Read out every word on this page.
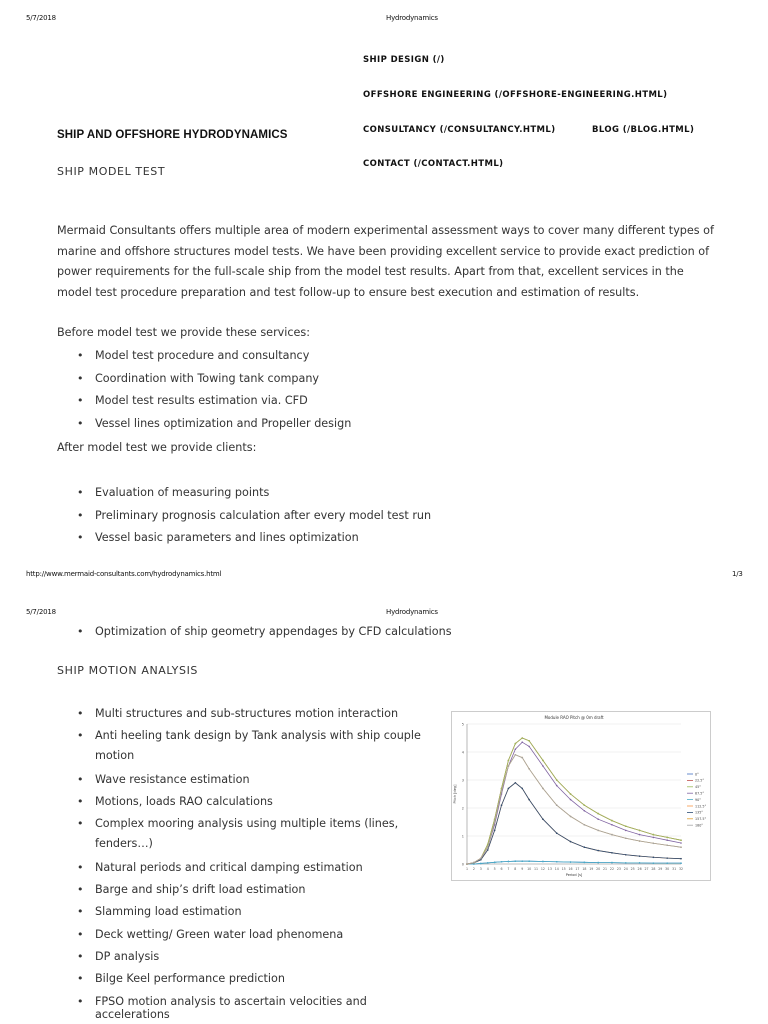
5/7/2018	Hydrodynamics
SHIP DESIGN (/)
OFFSHORE ENGINEERING (/OFFSHORE-ENGINEERING.HTML)
CONSULTANCY (/CONSULTANCY.HTML)	BLOG (/BLOG.HTML)
CONTACT (/CONTACT.HTML)
SHIP AND OFFSHORE HYDRODYNAMICS
SHIP MODEL TEST
Mermaid Consultants offers multiple area of modern experimental assessment ways to cover many different types of marine and offshore structures model tests. We have been providing excellent service to provide exact prediction of power requirements for the full-scale ship from the model test results. Apart from that, excellent services in the model test procedure preparation and test follow-up to ensure best execution and estimation of results.
Before model test we provide these services:
• Model test procedure and consultancy
• Coordination with Towing tank company
• Model test results estimation via. CFD
• Vessel lines optimization and Propeller design
After model test we provide clients:
• Evaluation of measuring points
• Preliminary prognosis calculation after every model test run
• Vessel basic parameters and lines optimization
http://www.mermaid-consultants.com/hydrodynamics.html	1/3
5/7/2018	Hydrodynamics
• Optimization of ship geometry appendages by CFD calculations
SHIP MOTION ANALYSIS
• Multi structures and sub-structures motion interaction
• Anti heeling tank design by Tank analysis with ship couple
motion
• Wave resistance estimation
• Motions, loads RAO calculations
• Complex mooring analysis using multiple items (lines,
fenders…)
• Natural periods and critical damping estimation
• Barge and ship’s drift load estimation
• Slamming load estimation
• Deck wetting/ Green water load phenomena
• DP analysis
• Bilge Keel performance prediction
• FPSO motion analysis to ascertain velocities and accelerations
0
1
2
3
4
5
1 2 3 4 5 6 7 8 9 10 11 12 13 14 15 16 17 18 19 20 21 22 23 24 25 26 27 28 29 30 31 32
Module RAO Pitch @ 0m draft
Period [s]
Pitch [deg]
0°
22.5°
45°
67.5°
90°
112.5°
135°
157.5°
180°
